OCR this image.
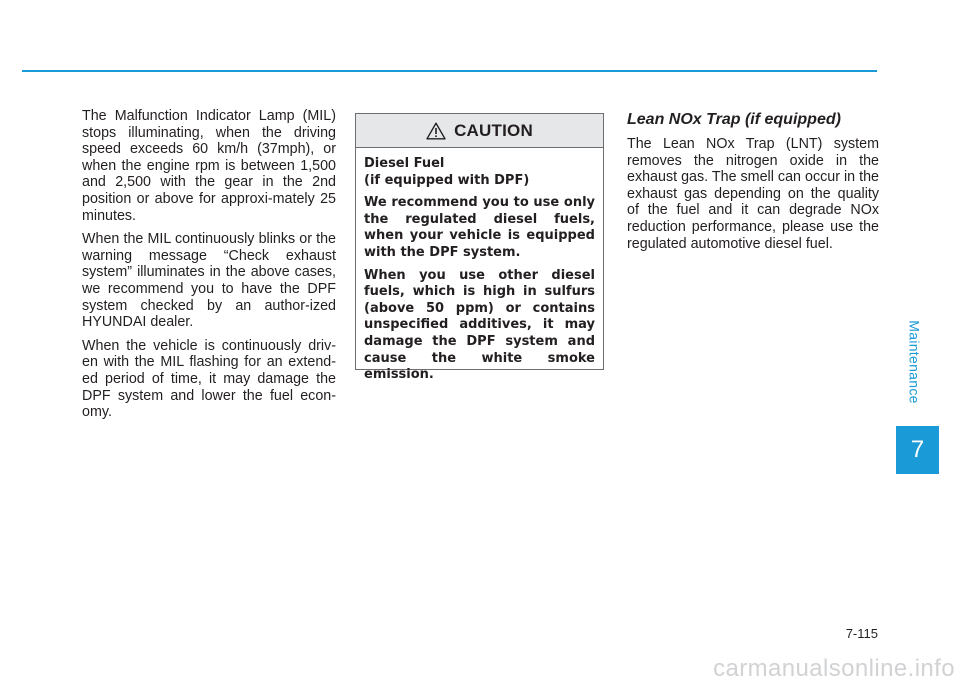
The Malfunction Indicator Lamp (MIL) stops illuminating, when the driving speed exceeds 60 km/h (37mph), or when the engine rpm is between 1,500 and 2,500 with the gear in the 2nd position or above for approxi-mately 25 minutes.

When the MIL continuously blinks or the warning message “Check exhaust system” illuminates in the above cases, we recommend you to have the DPF system checked by an author-ized HYUNDAI dealer.

When the vehicle is continuously driv-en with the MIL flashing for an extend-ed period of time, it may damage the DPF system and lower the fuel econ-omy.

CAUTION

Diesel Fuel
(if equipped with DPF)

We recommend you to use only the regulated diesel fuels, when your vehicle is equipped with the DPF system.

When you use other diesel fuels, which is high in sulfurs (above 50 ppm) or contains unspecified additives, it may damage the DPF system and cause the white smoke emission.

Lean NOx Trap (if equipped)

The Lean NOx Trap (LNT) system removes the nitrogen oxide in the exhaust gas. The smell can occur in the exhaust gas depending on the quality of the fuel and it can degrade NOx reduction performance, please use the regulated automotive diesel fuel.

Maintenance
7
7-115
carmanualsonline.info
